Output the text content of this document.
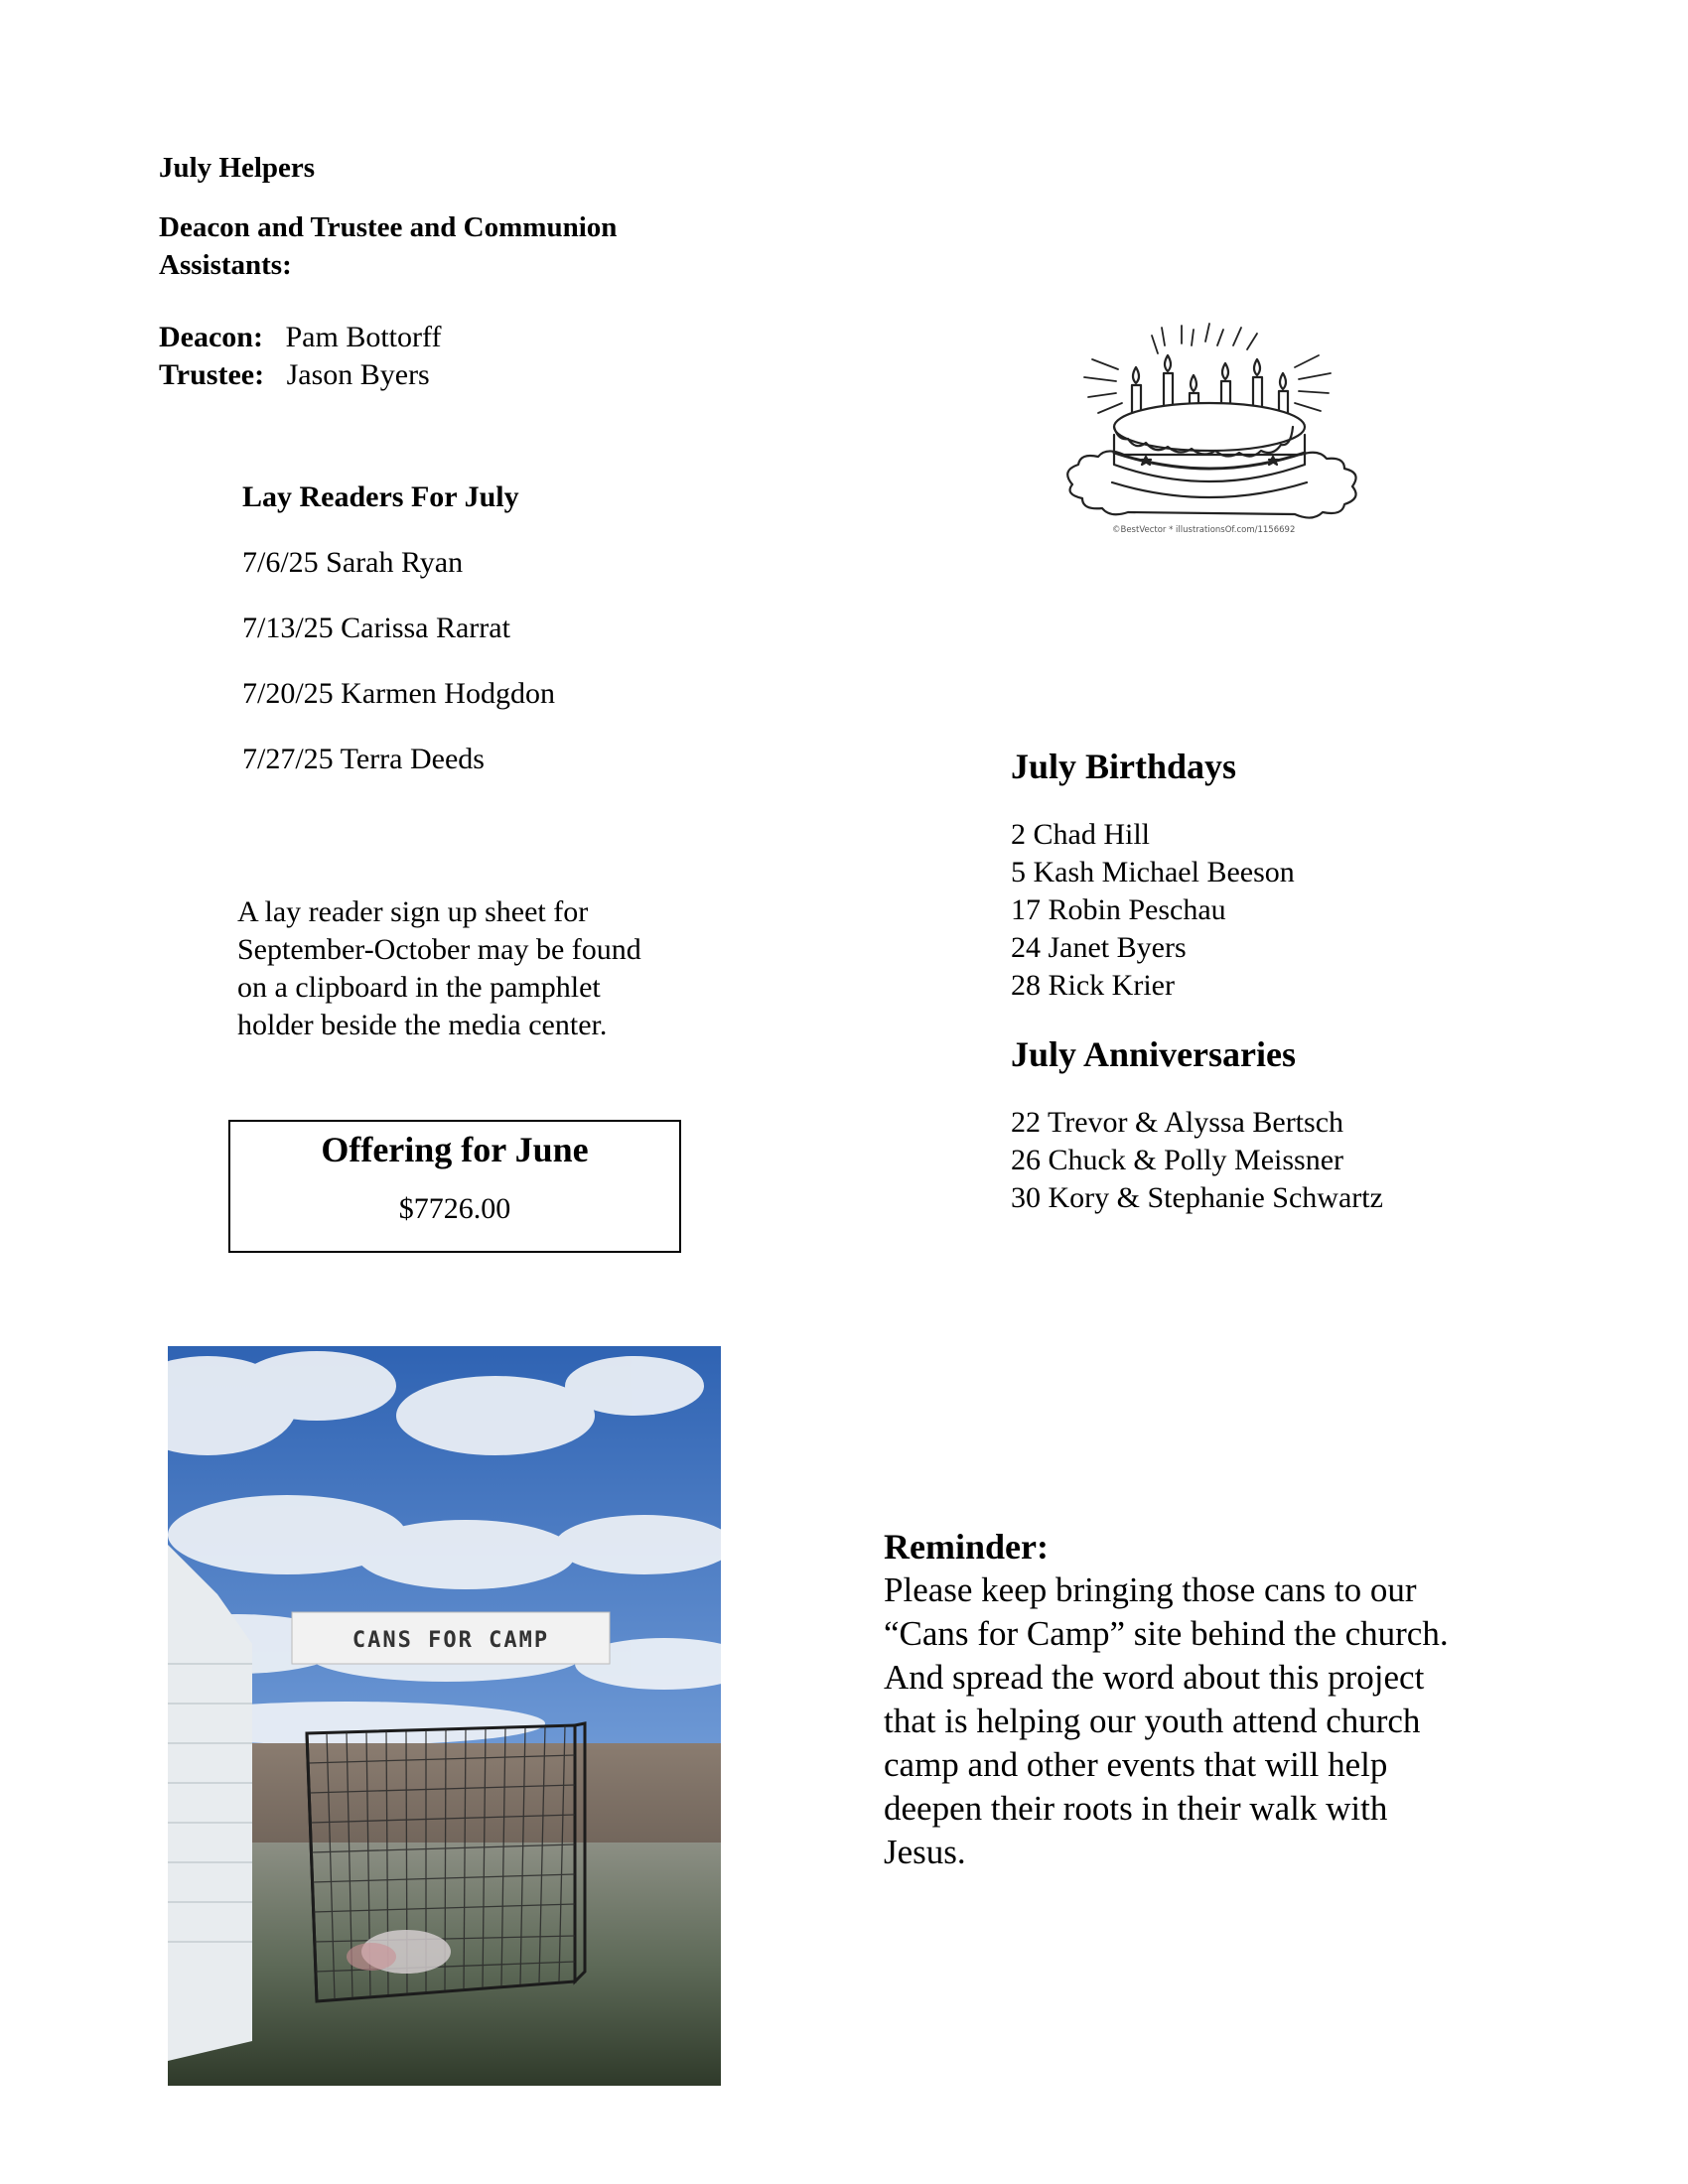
July Helpers
Deacon and Trustee and Communion
Assistants:
Deacon: Pam Bottorff
Trustee: Jason Byers
Lay Readers For July
7/6/25 Sarah Ryan
7/13/25 Carissa Rarrat
7/20/25 Karmen Hodgdon
7/27/25 Terra Deeds
A lay reader sign up sheet for
September-October may be found
on a clipboard in the pamphlet
holder beside the media center.
Offering for June
$7726.00
©BestVector * illustrationsOf.com/1156692
July Birthdays
2 Chad Hill
5 Kash Michael Beeson
17 Robin Peschau
24 Janet Byers
28 Rick Krier
July Anniversaries
22 Trevor & Alyssa Bertsch
26 Chuck & Polly Meissner
30 Kory & Stephanie Schwartz
CANS FOR CAMP
Reminder:
Please keep bringing those cans to our
“Cans for Camp” site behind the church.
And spread the word about this project
that is helping our youth attend church
camp and other events that will help
deepen their roots in their walk with
Jesus.
